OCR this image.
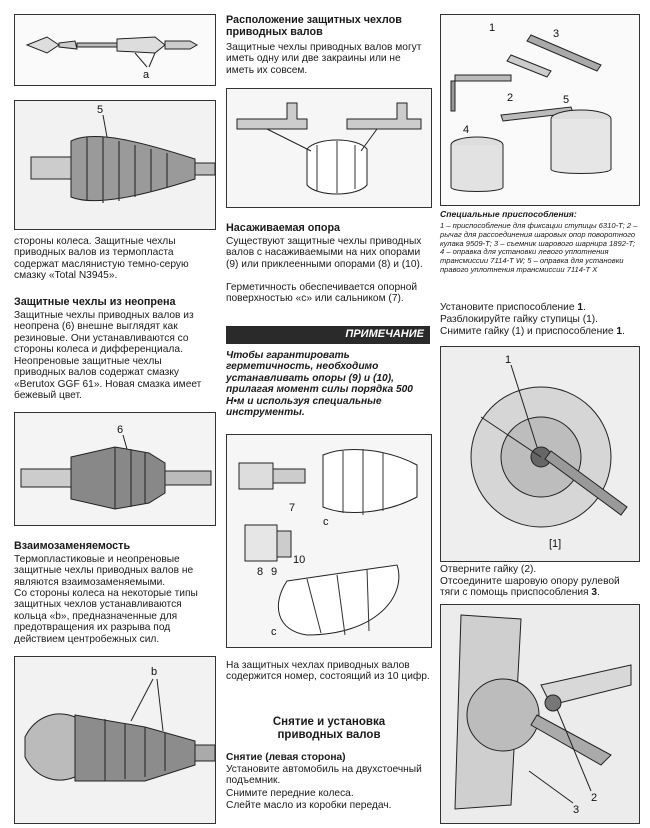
a
5

стороны колеса. Защитные чехлы приводных валов из термопласта содержат маслянистую темно-серую смазку «Total N3945».

Защитные чехлы из неопрена

Защитные чехлы приводных валов из неопрена (6) внешне выглядят как резиновые. Они устанавливаются со стороны колеса и дифференциала.

Неопреновые защитные чехлы приводных валов содержат смазку «Berutox GGF 61». Новая смазка имеет бежевый цвет.

6

Взаимозаменяемость

Термопластиковые и неопреновые защитные чехлы приводных валов не являются взаимозаменяемыми.

Со стороны колеса на некоторые типы защитных чехлов устанавливаются кольца «b», предназначенные для предотвращения их разрыва под действием центробежных сил.

b

Расположение защитных чехлов приводных валов

Защитные чехлы приводных валов могут иметь одну или две закраины или не иметь их совсем.

Насаживаемая опора

Существуют защитные чехлы приводных валов с насаживаемыми на них опорами (9) или приклеенными опорами (8) и (10).

Герметичность обеспечивается опорной поверхностью «с» или сальником (7).

ПРИМЕЧАНИЕ

Чтобы гарантировать герметичность, необходимо устанавливать опоры (9) и (10), прилагая момент силы порядка 500 Н•м и используя специальные инструменты.

7
c
8 9
10
c

На защитных чехлах приводных валов содержится номер, состоящий из 10 цифр.

Снятие и установка приводных валов

Снятие (левая сторона)

Установите автомобиль на двухстоечный подъемник.

Снимите передние колеса.

Слейте масло из коробки передач.

1
2
3
4
5

Специальные приспособления:

1 – приспособление для фиксации ступицы 6310-Т; 2 – рычаг для рассоединения шаровых опор поворотного кулака 9509-Т; 3 – съемник шарового шарнира 1892-Т; 4 – оправка для установки левого уплотнения трансмиссии 7114-Т W; 5 – оправка для установки правого уплотнения трансмиссии 7114-Т X

Установите приспособление 1.

Разблокируйте гайку ступицы (1).

Снимите гайку (1) и приспособление 1.

1
[1]

Отверните гайку (2).

Отсоедините шаровую опору рулевой тяги с помощь приспособления 3.

2
3
